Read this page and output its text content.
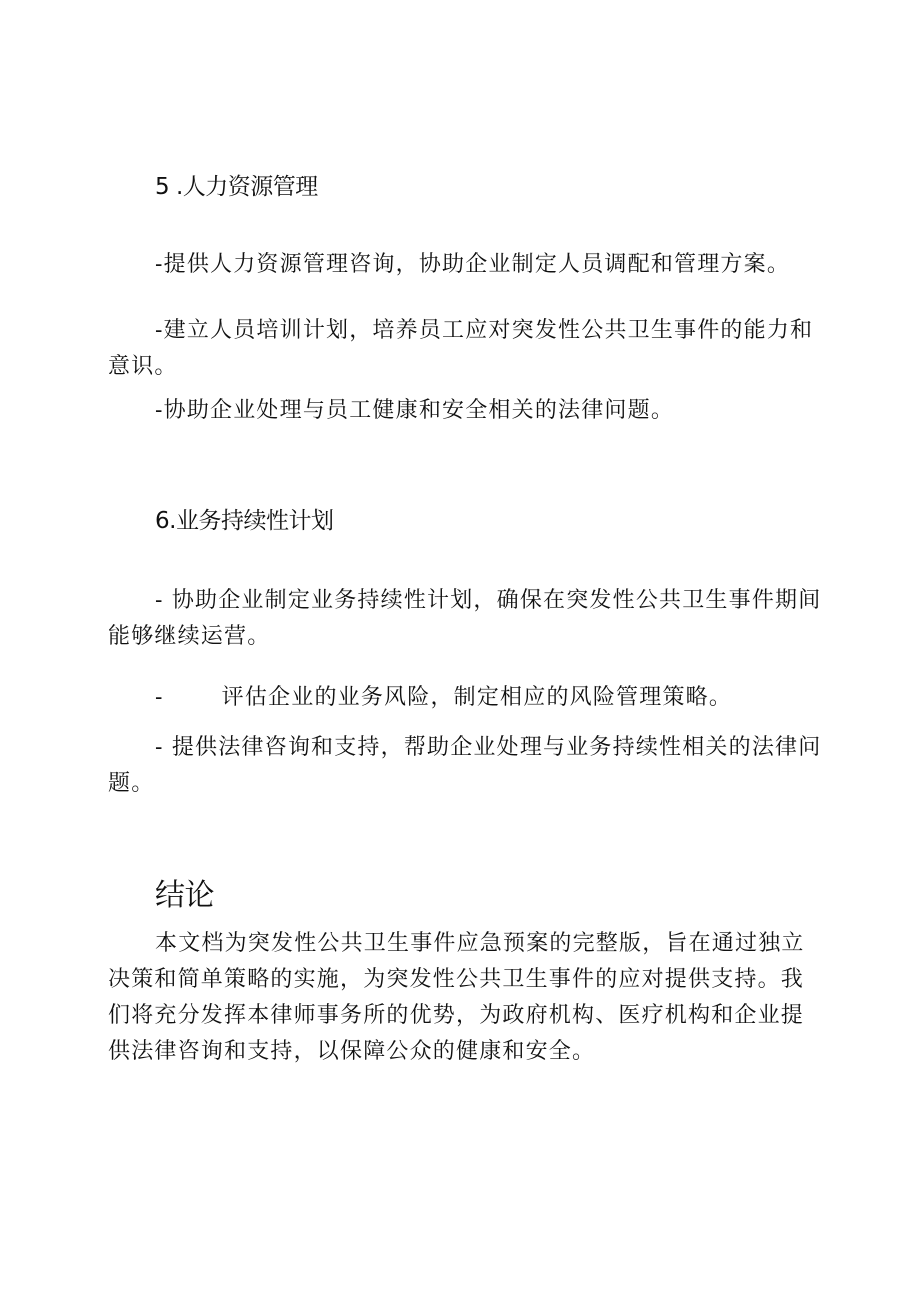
5 .人力资源管理

-提供人力资源管理咨询，协助企业制定人员调配和管理方案。

-建立人员培训计划，培养员工应对突发性公共卫生事件的能力和意识。

-协助企业处理与员工健康和安全相关的法律问题。

6.业务持续性计划

- 协助企业制定业务持续性计划，确保在突发性公共卫生事件期间能够继续运营。

-	评估企业的业务风险，制定相应的风险管理策略。

- 提供法律咨询和支持，帮助企业处理与业务持续性相关的法律问题。

结论

本文档为突发性公共卫生事件应急预案的完整版，旨在通过独立决策和简单策略的实施，为突发性公共卫生事件的应对提供支持。我们将充分发挥本律师事务所的优势，为政府机构、医疗机构和企业提供法律咨询和支持，以保障公众的健康和安全。
